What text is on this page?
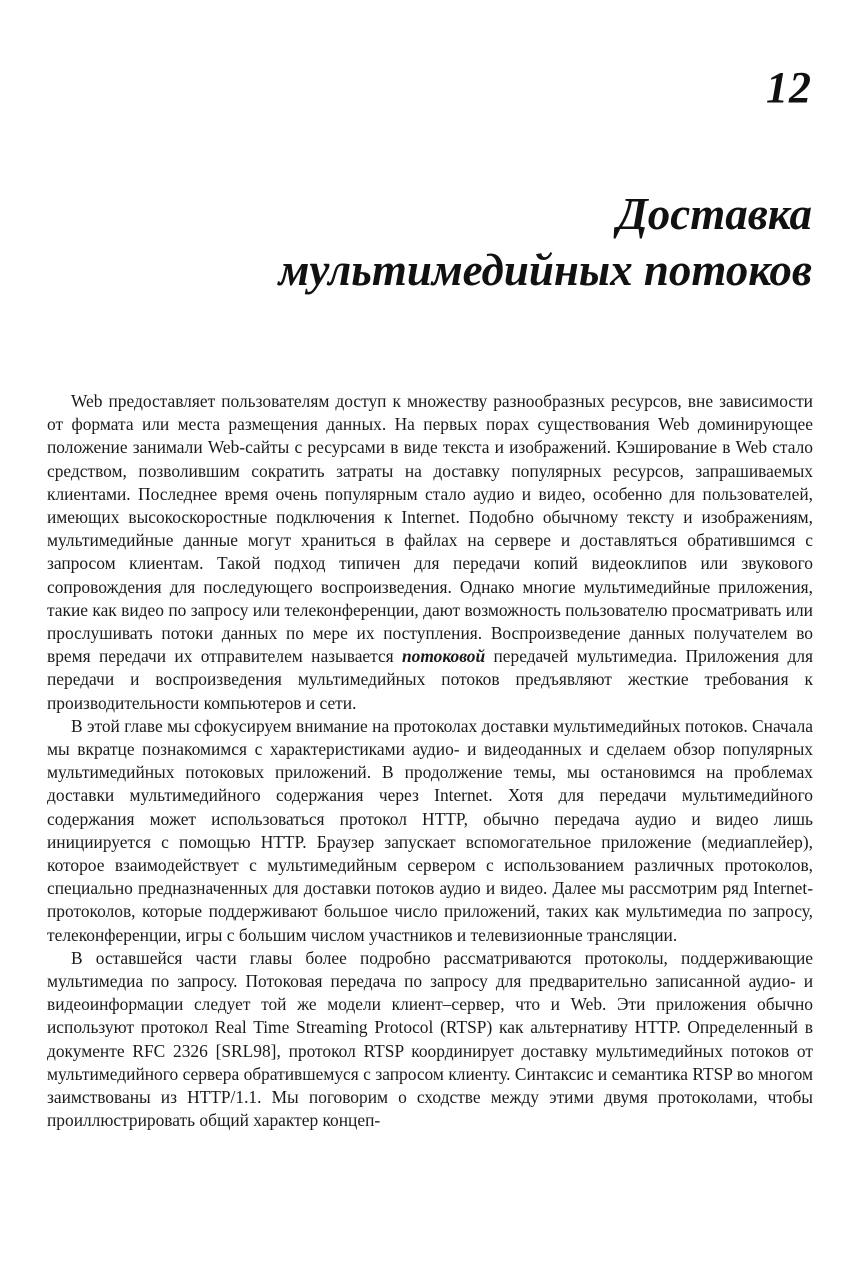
12
Доставка
мультимедийных потоков

Web предоставляет пользователям доступ к множеству разнообразных ресурсов, вне зависимости от формата или места размещения данных. На первых порах существования Web доминирующее положение занимали Web-сайты с ресурсами в виде текста и изображений. Кэширование в Web стало средством, позволившим сократить затраты на доставку популярных ресурсов, запрашиваемых клиентами. Последнее время очень популярным стало аудио и видео, особенно для пользователей, имеющих высокоскоростные подключения к Internet. Подобно обычному тексту и изображениям, мультимедийные данные могут храниться в файлах на сервере и доставляться обратившимся с запросом клиентам. Такой подход типичен для передачи копий видеоклипов или звукового сопровождения для последующего воспроизведения. Однако многие мультимедийные приложения, такие как видео по запросу или телеконференции, дают возможность пользователю просматривать или прослушивать потоки данных по мере их поступления. Воспроизведение данных получателем во время передачи их отправителем называется потоковой передачей мультимедиа. Приложения для передачи и воспроизведения мультимедийных потоков предъявляют жесткие требования к производительности компьютеров и сети.

В этой главе мы сфокусируем внимание на протоколах доставки мультимедийных потоков. Сначала мы вкратце познакомимся с характеристиками аудио- и видеоданных и сделаем обзор популярных мультимедийных потоковых приложений. В продолжение темы, мы остановимся на проблемах доставки мультимедийного содержания через Internet. Хотя для передачи мультимедийного содержания может использоваться протокол HTTP, обычно передача аудио и видео лишь инициируется с помощью HTTP. Браузер запускает вспомогательное приложение (медиаплейер), которое взаимодействует с мультимедийным сервером с использованием различных протоколов, специально предназначенных для доставки потоков аудио и видео. Далее мы рассмотрим ряд Internet-протоколов, которые поддерживают большое число приложений, таких как мультимедиа по запросу, телеконференции, игры с большим числом участников и телевизионные трансляции.

В оставшейся части главы более подробно рассматриваются протоколы, поддерживающие мультимедиа по запросу. Потоковая передача по запросу для предварительно записанной аудио- и видеоинформации следует той же модели клиент–сервер, что и Web. Эти приложения обычно используют протокол Real Time Streaming Protocol (RTSP) как альтернативу HTTP. Определенный в документе RFC 2326 [SRL98], протокол RTSP координирует доставку мультимедийных потоков от мультимедийного сервера обратившемуся с запросом клиенту. Синтаксис и семантика RTSP во многом заимствованы из HTTP/1.1. Мы поговорим о сходстве между этими двумя протоколами, чтобы проиллюстрировать общий характер концеп-
